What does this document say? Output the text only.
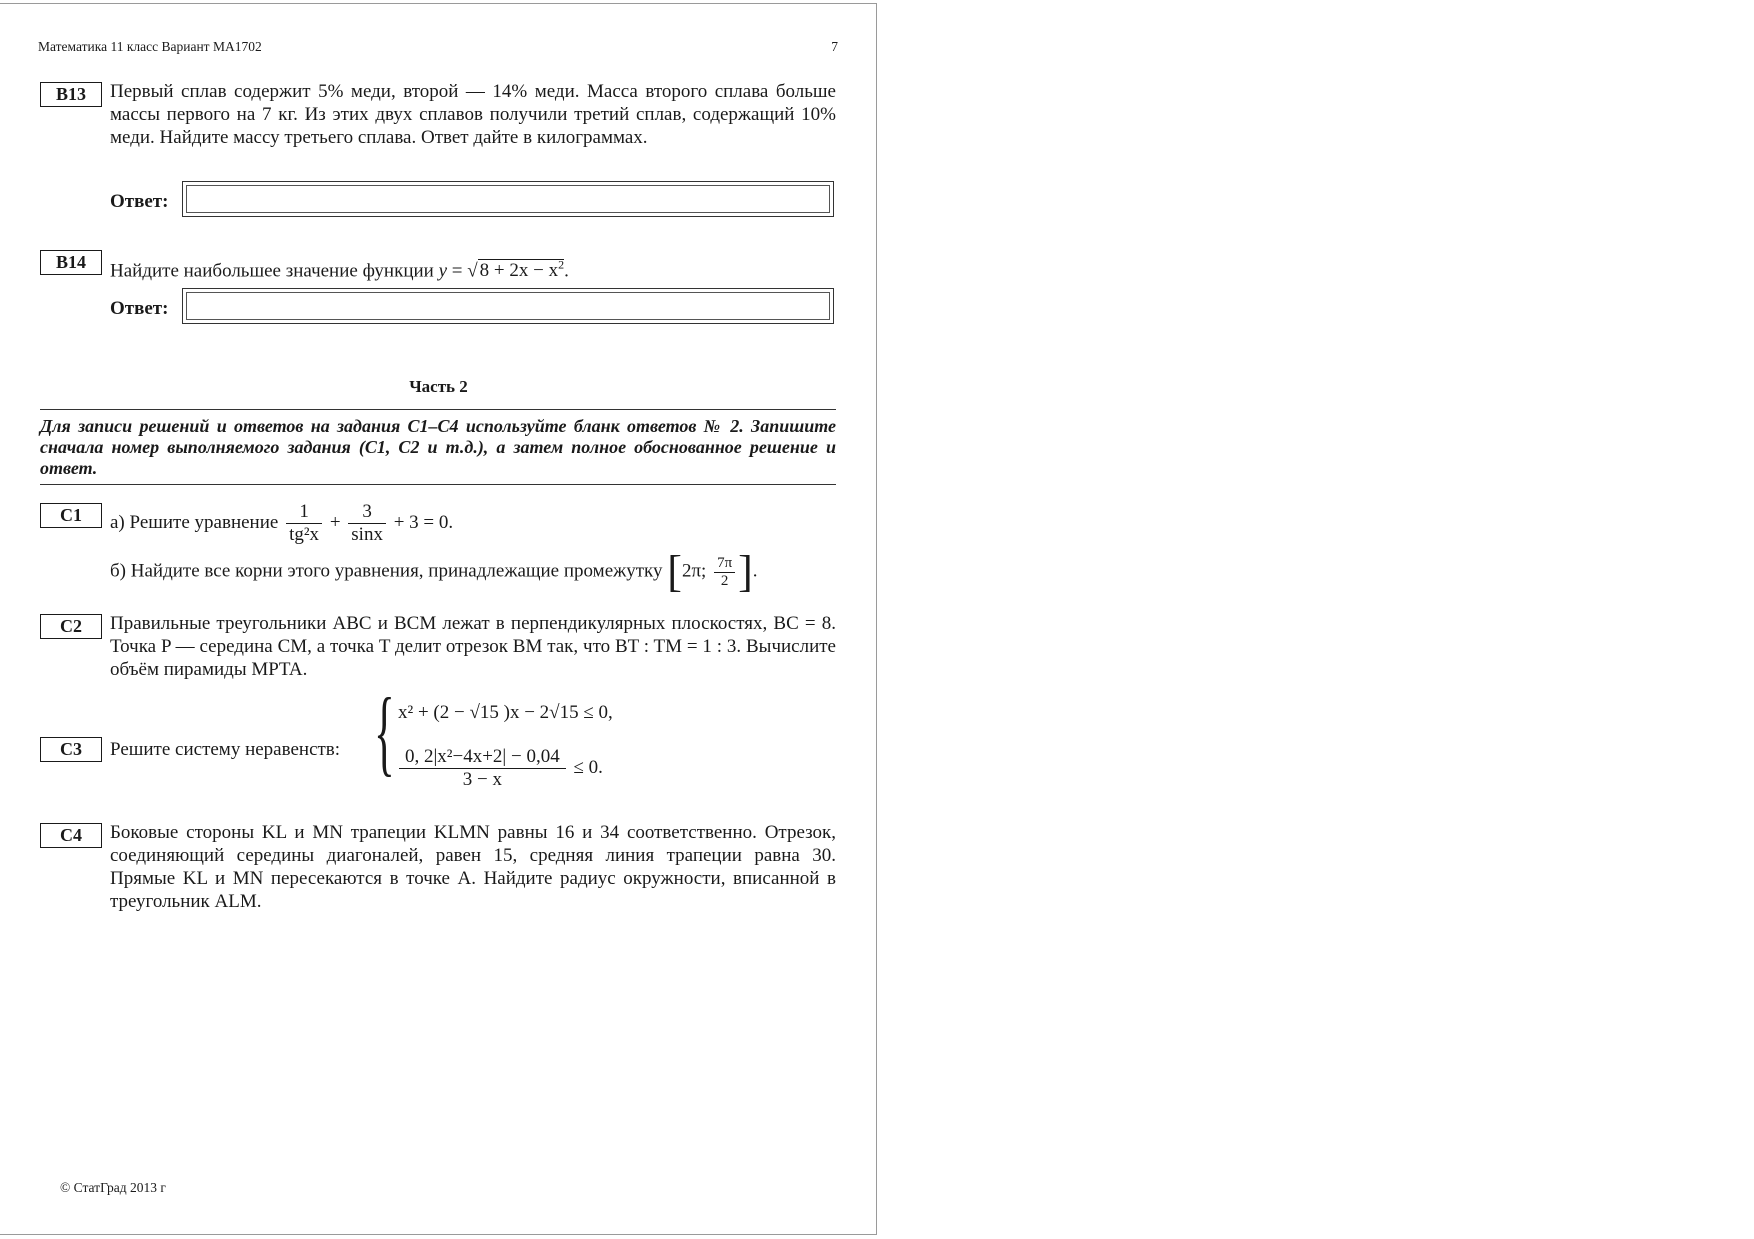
Математика 11 класс Вариант МА1702	7
B13	Первый сплав содержит 5% меди, второй — 14% меди. Масса второго сплава больше массы первого на 7 кг. Из этих двух сплавов получили третий сплав, содержащий 10% меди. Найдите массу третьего сплава. Ответ дайте в килограммах.
Ответ:
B14	Найдите наибольшее значение функции y = √ $8 + 2x - x^2$.
Ответ:
Часть 2
Для записи решений и ответов на задания С1–С4 используйте бланк ответов № 2. Запишите сначала номер выполняемого задания (С1, С2 и т.д.), а затем полное обоснованное решение и ответ.
C1	а) Решите уравнение $\frac{1}{\text{tg²x}} + \frac{3}{\sin x} + 3 = 0$.
б) Найдите все корни этого уравнения, принадлежащие промежутку [2π; $\frac{7\pi}{2}$ ].
C2	Правильные треугольники ABC и BCM лежат в перпендикулярных плоскостях, BC = 8. Точка P — середина CM, а точка T делит отрезок BM так, что BT : TM = 1 : 3. Вычислите объём пирамиды MPTA.
C3	Решите систему неравенств: { x² + (2 − √15 )x − 2√15 ≤ 0,
$\frac{\text{0, 2|x²−4x+2| − 0,04}}{3 - x} \le 0$.
C4	Боковые стороны KL и MN трапеции KLMN равны 16 и 34 соответственно. Отрезок, соединяющий середины диагоналей, равен 15, средняя линия трапеции равна 30. Прямые KL и MN пересекаются в точке A. Найдите радиус окружности, вписанной в треугольник ALM.
© СтатГрад 2013 г
